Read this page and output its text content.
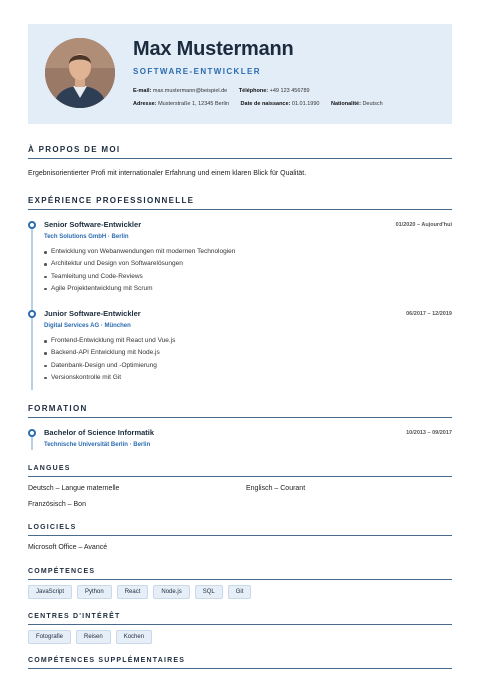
Max Mustermann
SOFTWARE-ENTWICKLER
E-mail: max.mustermann@beispiel.de Téléphone: +49 123 456789
Adresse: Musterstraße 1, 12345 Berlin Date de naissance: 01.01.1990 Nationalité: Deutsch
À PROPOS DE MOI
Ergebnisorientierter Profi mit internationaler Erfahrung und einem klaren Blick für Qualität.
EXPÉRIENCE PROFESSIONNELLE
Senior Software-Entwickler	01/2020 – Aujourd'hui
Tech Solutions GmbH · Berlin
Entwicklung von Webanwendungen mit modernen Technologien
Architektur und Design von Softwarelösungen
Teamleitung und Code-Reviews
Agile Projektentwicklung mit Scrum
Junior Software-Entwickler	06/2017 – 12/2019
Digital Services AG · München
Frontend-Entwicklung mit React und Vue.js
Backend-API Entwicklung mit Node.js
Datenbank-Design und -Optimierung
Versionskontrolle mit Git
FORMATION
Bachelor of Science Informatik	10/2013 – 09/2017
Technische Universität Berlin · Berlin
LANGUES
Deutsch – Langue maternelle	Englisch – Courant
Französisch – Bon
LOGICIELS
Microsoft Office – Avancé
COMPÉTENCES
JavaScript	Python	React	Node.js	SQL	Git
CENTRES D'INTÉRÊT
Fotografie	Reisen	Kochen
COMPÉTENCES SUPPLÉMENTAIRES
